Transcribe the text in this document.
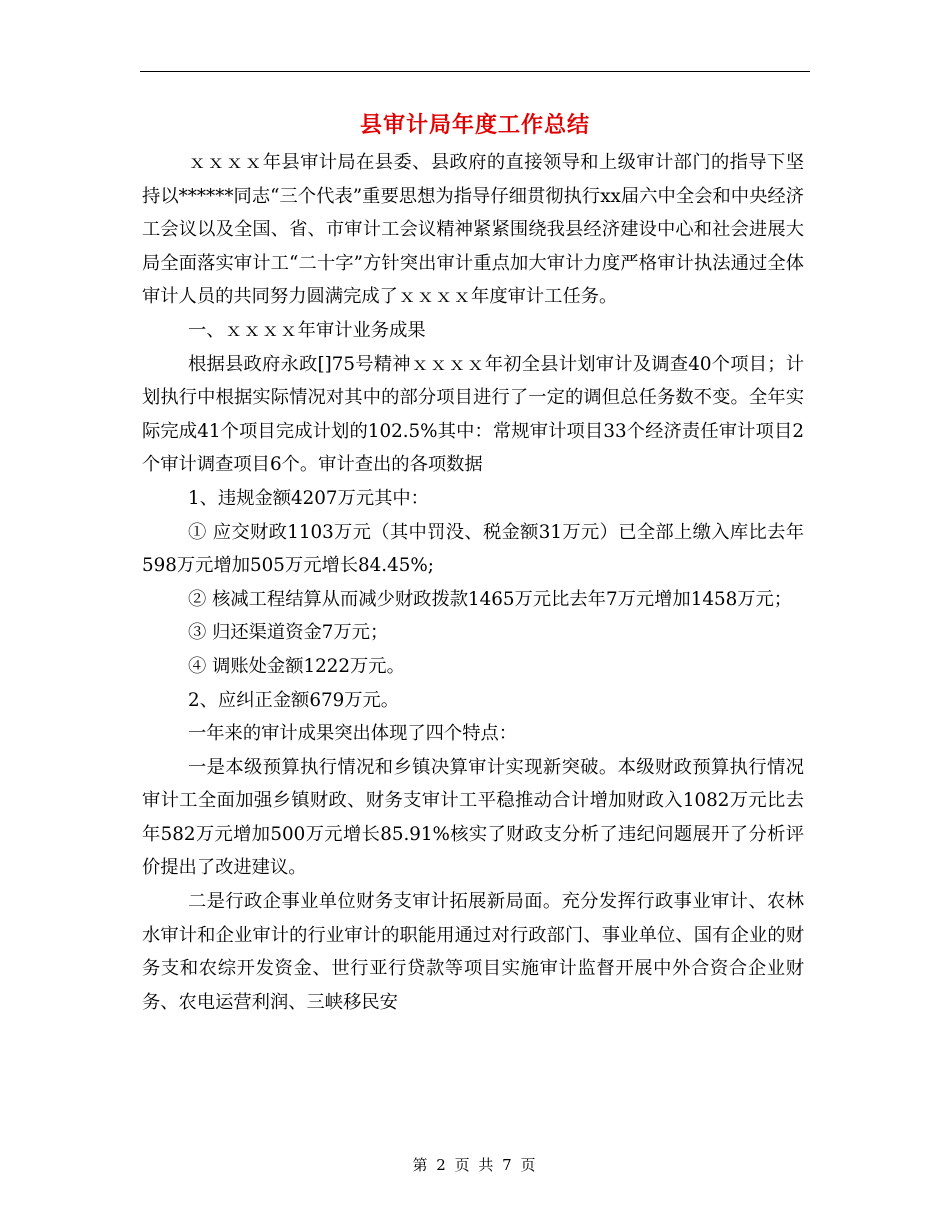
县审计局年度工作总结

ｘｘｘｘ年县审计局在县委、县政府的直接领导和上级审计部门的指导下坚持以******同志“三个代表”重要思想为指导仔细贯彻执行xx届六中全会和中央经济工会议以及全国、省、市审计工会议精神紧紧围绕我县经济建设中心和社会进展大局全面落实审计工“二十字”方针突出审计重点加大审计力度严格审计执法通过全体审计人员的共同努力圆满完成了ｘｘｘｘ年度审计工任务。

一、ｘｘｘｘ年审计业务成果

根据县政府永政[]75号精神ｘｘｘｘ年初全县计划审计及调查40个项目；计划执行中根据实际情况对其中的部分项目进行了一定的调但总任务数不变。全年实际完成41个项目完成计划的102.5%其中：常规审计项目33个经济责任审计项目2个审计调查项目6个。审计查出的各项数据

1、违规金额4207万元其中：

① 应交财政1103万元（其中罚没、税金额31万元）已全部上缴入库比去年598万元增加505万元增长84.45%;

② 核减工程结算从而减少财政拨款1465万元比去年7万元增加1458万元；

③ 归还渠道资金7万元；

④ 调账处金额1222万元。

2、应纠正金额679万元。

一年来的审计成果突出体现了四个特点：

一是本级预算执行情况和乡镇决算审计实现新突破。本级财政预算执行情况审计工全面加强乡镇财政、财务支审计工平稳推动合计增加财政入1082万元比去年582万元增加500万元增长85.91%核实了财政支分析了违纪问题展开了分析评价提出了改进建议。

二是行政企事业单位财务支审计拓展新局面。充分发挥行政事业审计、农林水审计和企业审计的行业审计的职能用通过对行政部门、事业单位、国有企业的财务支和农综开发资金、世行亚行贷款等项目实施审计监督开展中外合资合企业财务、农电运营利润、三峡移民安

第 2 页 共 7 页
